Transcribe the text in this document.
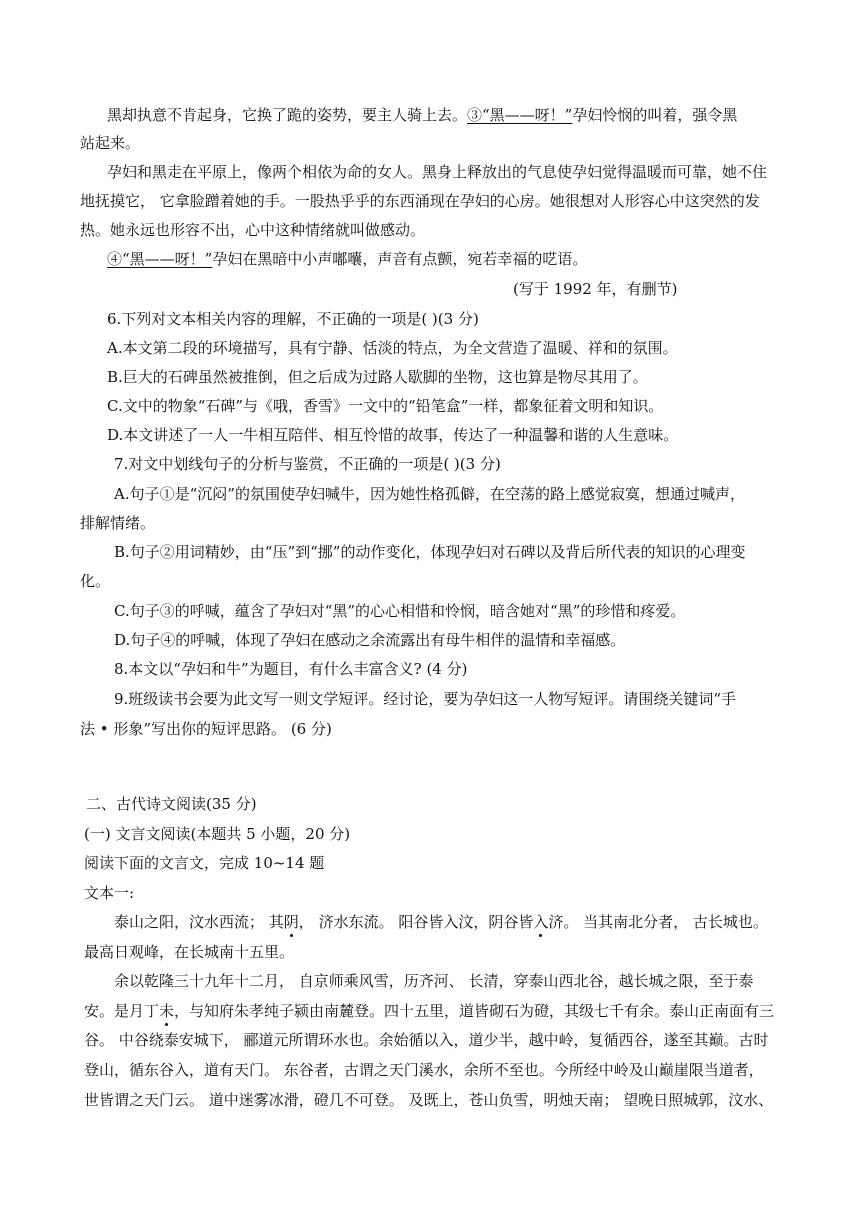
黑却执意不肯起身，它换了跪的姿势，要主人骑上去。③“黑——呀！”孕妇怜悯的叫着，强令黑
站起来。
孕妇和黑走在平原上，像两个相依为命的女人。黑身上释放出的气息使孕妇觉得温暖而可靠，她不住
地抚摸它， 它拿脸蹭着她的手。一股热乎乎的东西涌现在孕妇的心房。她很想对人形容心中这突然的发
热。她永远也形容不出，心中这种情绪就叫做感动。
④“黑——呀！”孕妇在黑暗中小声嘟囔，声音有点颤，宛若幸福的呓语。
(写于 1992 年，有删节)
6.下列对文本相关内容的理解，不正确的一项是( )(3 分)
A.本文第二段的环境描写，具有宁静、恬淡的特点，为全文营造了温暖、祥和的氛围。
B.巨大的石碑虽然被推倒，但之后成为过路人歇脚的坐物，这也算是物尽其用了。
C.文中的物象“石碑”与《哦，香雪》一文中的“铅笔盒”一样，都象征着文明和知识。
D.本文讲述了一人一牛相互陪伴、相互怜惜的故事，传达了一种温馨和谐的人生意味。
7.对文中划线句子的分析与鉴赏，不正确的一项是( )(3 分)
A.句子①是“沉闷”的氛围使孕妇喊牛，因为她性格孤僻，在空荡的路上感觉寂寞，想通过喊声，
排解情绪。
B.句子②用词精妙，由“压”到“挪”的动作变化，体现孕妇对石碑以及背后所代表的知识的心理变
化。
C.句子③的呼喊，蕴含了孕妇对“黑”的心心相惜和怜悯，暗含她对“黑”的珍惜和疼爱。
D.句子④的呼喊，体现了孕妇在感动之余流露出有母牛相伴的温情和幸福感。
8.本文以“孕妇和牛”为题目，有什么丰富含义? (4 分)
9.班级读书会要为此文写一则文学短评。经讨论，要为孕妇这一人物写短评。请围绕关键词“手
法 • 形象”写出你的短评思路。 (6 分)
二、古代诗文阅读(35 分)
(一) 文言文阅读(本题共 5 小题，20 分)
阅读下面的文言文，完成 10~14 题
文本一:
泰山之阳，汶水西流； 其阴， 济水东流。 阳谷皆入汶，阴谷皆入济。 当其南北分者， 古长城也。
最高日观峰，在长城南十五里。
余以乾隆三十九年十二月， 自京师乘风雪，历齐河、 长清，穿泰山西北谷，越长城之限，至于泰
安。是月丁未，与知府朱孝纯子颍由南麓登。四十五里，道皆砌石为磴，其级七千有余。泰山正南面有三
谷。 中谷绕泰安城下， 郦道元所谓环水也。余始循以入，道少半，越中岭，复循西谷，遂至其巅。古时
登山，循东谷入，道有天门。 东谷者，古谓之天门溪水，余所不至也。今所经中岭及山巅崖限当道者，
世皆谓之天门云。 道中迷雾冰滑，磴几不可登。 及既上，苍山负雪，明烛天南； 望晚日照城郭，汶水、
